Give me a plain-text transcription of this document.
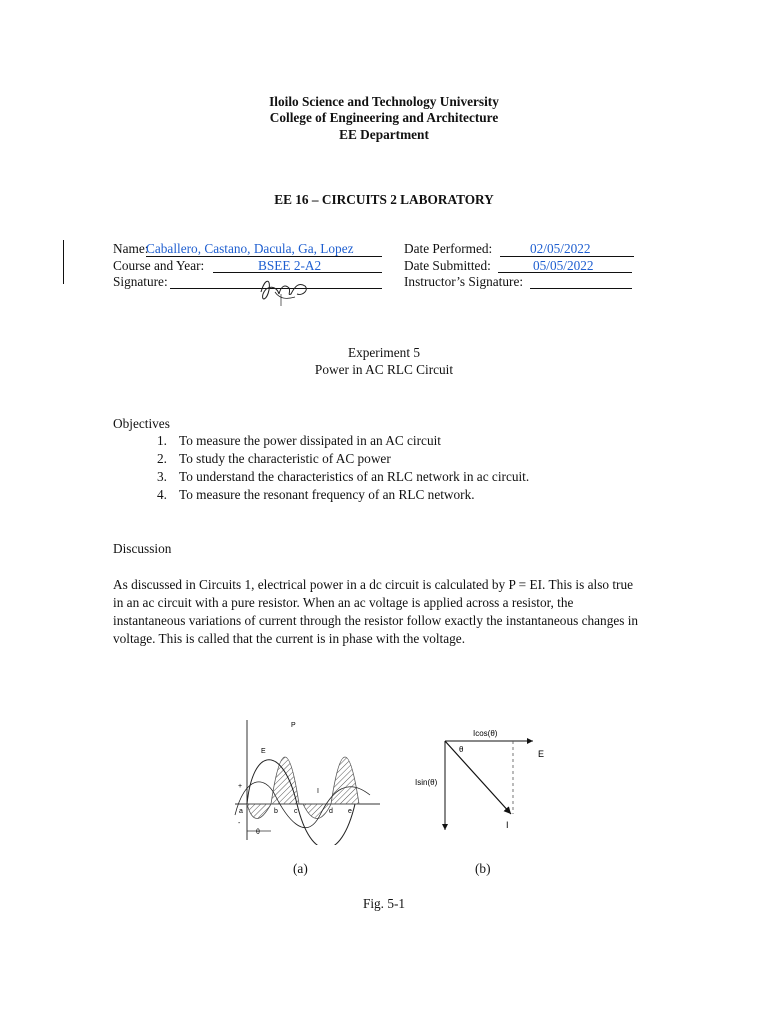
Iloilo Science and Technology University
College of Engineering and Architecture
EE Department
EE 16 – CIRCUITS 2 LABORATORY
Name:
Caballero, Castano, Dacula, Ga, Lopez
Course and Year:	BSEE 2-A2
Signature:
Date Performed:	02/05/2022
Date Submitted:	05/05/2022
Instructor’s Signature:
Experiment 5
Power in AC RLC Circuit
Objectives
1. To measure the power dissipated in an AC circuit
2. To study the characteristic of AC power
3. To understand the characteristics of an RLC network in ac circuit.
4. To measure the resonant frequency of an RLC network.
Discussion
As discussed in Circuits 1, electrical power in a dc circuit is calculated by P = EI. This is also true in an ac circuit with a pure resistor. When an ac voltage is applied across a resistor, the instantaneous variations of current through the resistor follow exactly the instantaneous changes in voltage. This is called that the current is in phase with the voltage.
P
E
I
+
-
a	b c	d e
θ
Icos(θ)
θ	E
Isin(θ)
I
(a)	(b)
Fig. 5-1
